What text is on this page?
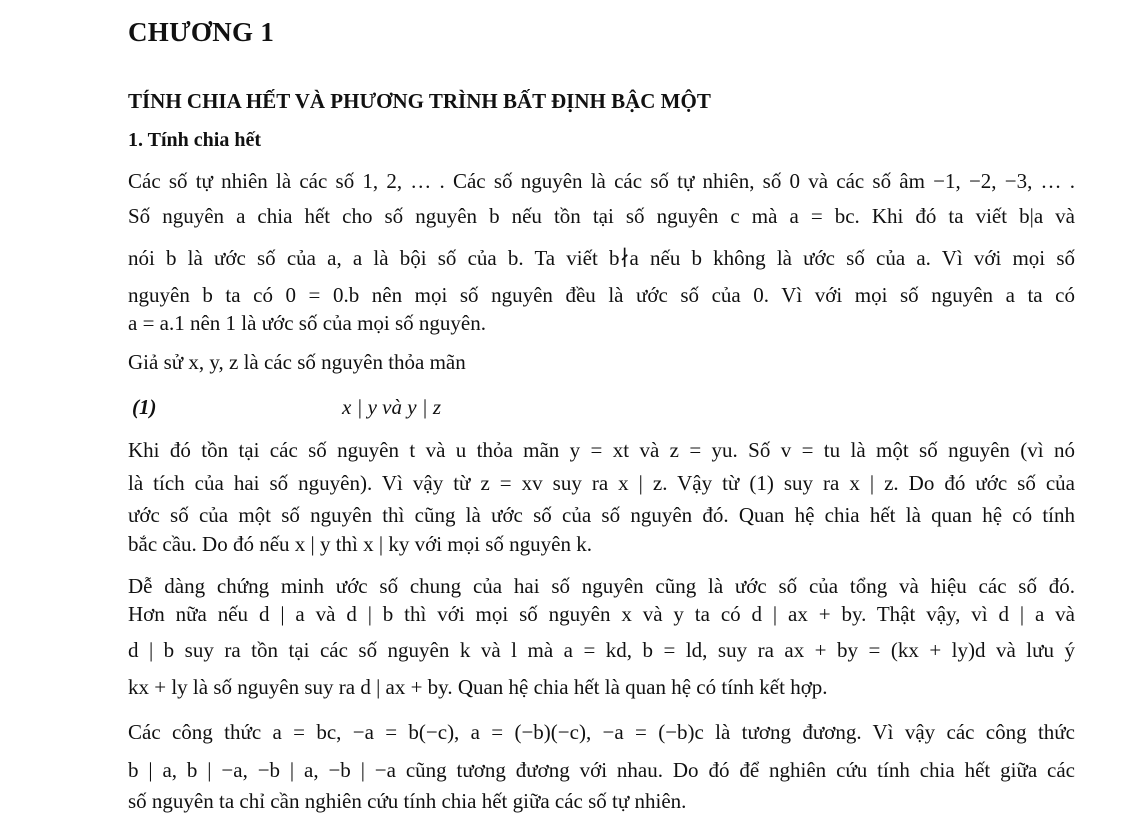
CHƯƠNG 1
TÍNH CHIA HẾT VÀ PHƯƠNG TRÌNH BẤT ĐỊNH BẬC MỘT
1. Tính chia hết
Các số tự nhiên là các số 1, 2, … . Các số nguyên là các số tự nhiên, số 0 và các số âm −1, −2, −3, … .
Số nguyên a chia hết cho số nguyên b nếu tồn tại số nguyên c mà a = bc. Khi đó ta viết b|a và
nói b là ước số của a, a là bội số của b. Ta viết b∤a nếu b không là ước số của a. Vì với mọi số
nguyên b ta có 0 = 0.b nên mọi số nguyên đều là ước số của 0. Vì với mọi số nguyên a ta có
a = a.1 nên 1 là ước số của mọi số nguyên.
Giả sử x, y, z là các số nguyên thỏa mãn
(1)	x | y và y | z
Khi đó tồn tại các số nguyên t và u thỏa mãn y = xt và z = yu. Số v = tu là một số nguyên (vì nó
là tích của hai số nguyên). Vì vậy từ z = xv suy ra x | z. Vậy từ (1) suy ra x | z. Do đó ước số của
ước số của một số nguyên thì cũng là ước số của số nguyên đó. Quan hệ chia hết là quan hệ có tính
bắc cầu. Do đó nếu x | y thì x | ky với mọi số nguyên k.
Dễ dàng chứng minh ước số chung của hai số nguyên cũng là ước số của tổng và hiệu các số đó.
Hơn nữa nếu d | a và d | b thì với mọi số nguyên x và y ta có d | ax + by. Thật vậy, vì d | a và
d | b suy ra tồn tại các số nguyên k và l mà a = kd, b = ld, suy ra ax + by = (kx + ly)d và lưu ý
kx + ly là số nguyên suy ra d | ax + by. Quan hệ chia hết là quan hệ có tính kết hợp.
Các công thức a = bc, −a = b(−c), a = (−b)(−c), −a = (−b)c là tương đương. Vì vậy các công thức
b | a, b | −a, −b | a, −b | −a cũng tương đương với nhau. Do đó để nghiên cứu tính chia hết giữa các
số nguyên ta chỉ cần nghiên cứu tính chia hết giữa các số tự nhiên.
